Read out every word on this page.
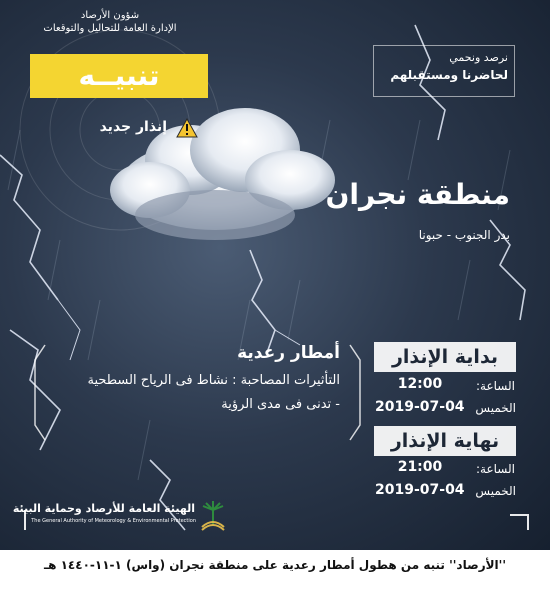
شؤون الأرصاد
الإدارة العامة للتحاليل والتوقعات
تنبيــه
إنذار جديد
نرصد ونحمي
لحاضرنا ومستقبلهم
منطقة نجران
بدر الجنوب - حبونا
أمطار رعدية
التأثيرات المصاحبة : نشاط فى الرياح السطحية
- تدنى فى مدى الرؤية
بداية الإنذار
الساعة:
12:00
الخميس
2019-07-04
نهاية الإنذار
الساعة:
21:00
الخميس
2019-07-04
الهيئة العامة للأرصاد وحماية البيئة
The General Authority of Meteorology & Environmental Protection
''الأرصاد'' تنبه من هطول أمطار رعدية على منطقة نجران (واس) ١-١١-١٤٤٠ هـ
